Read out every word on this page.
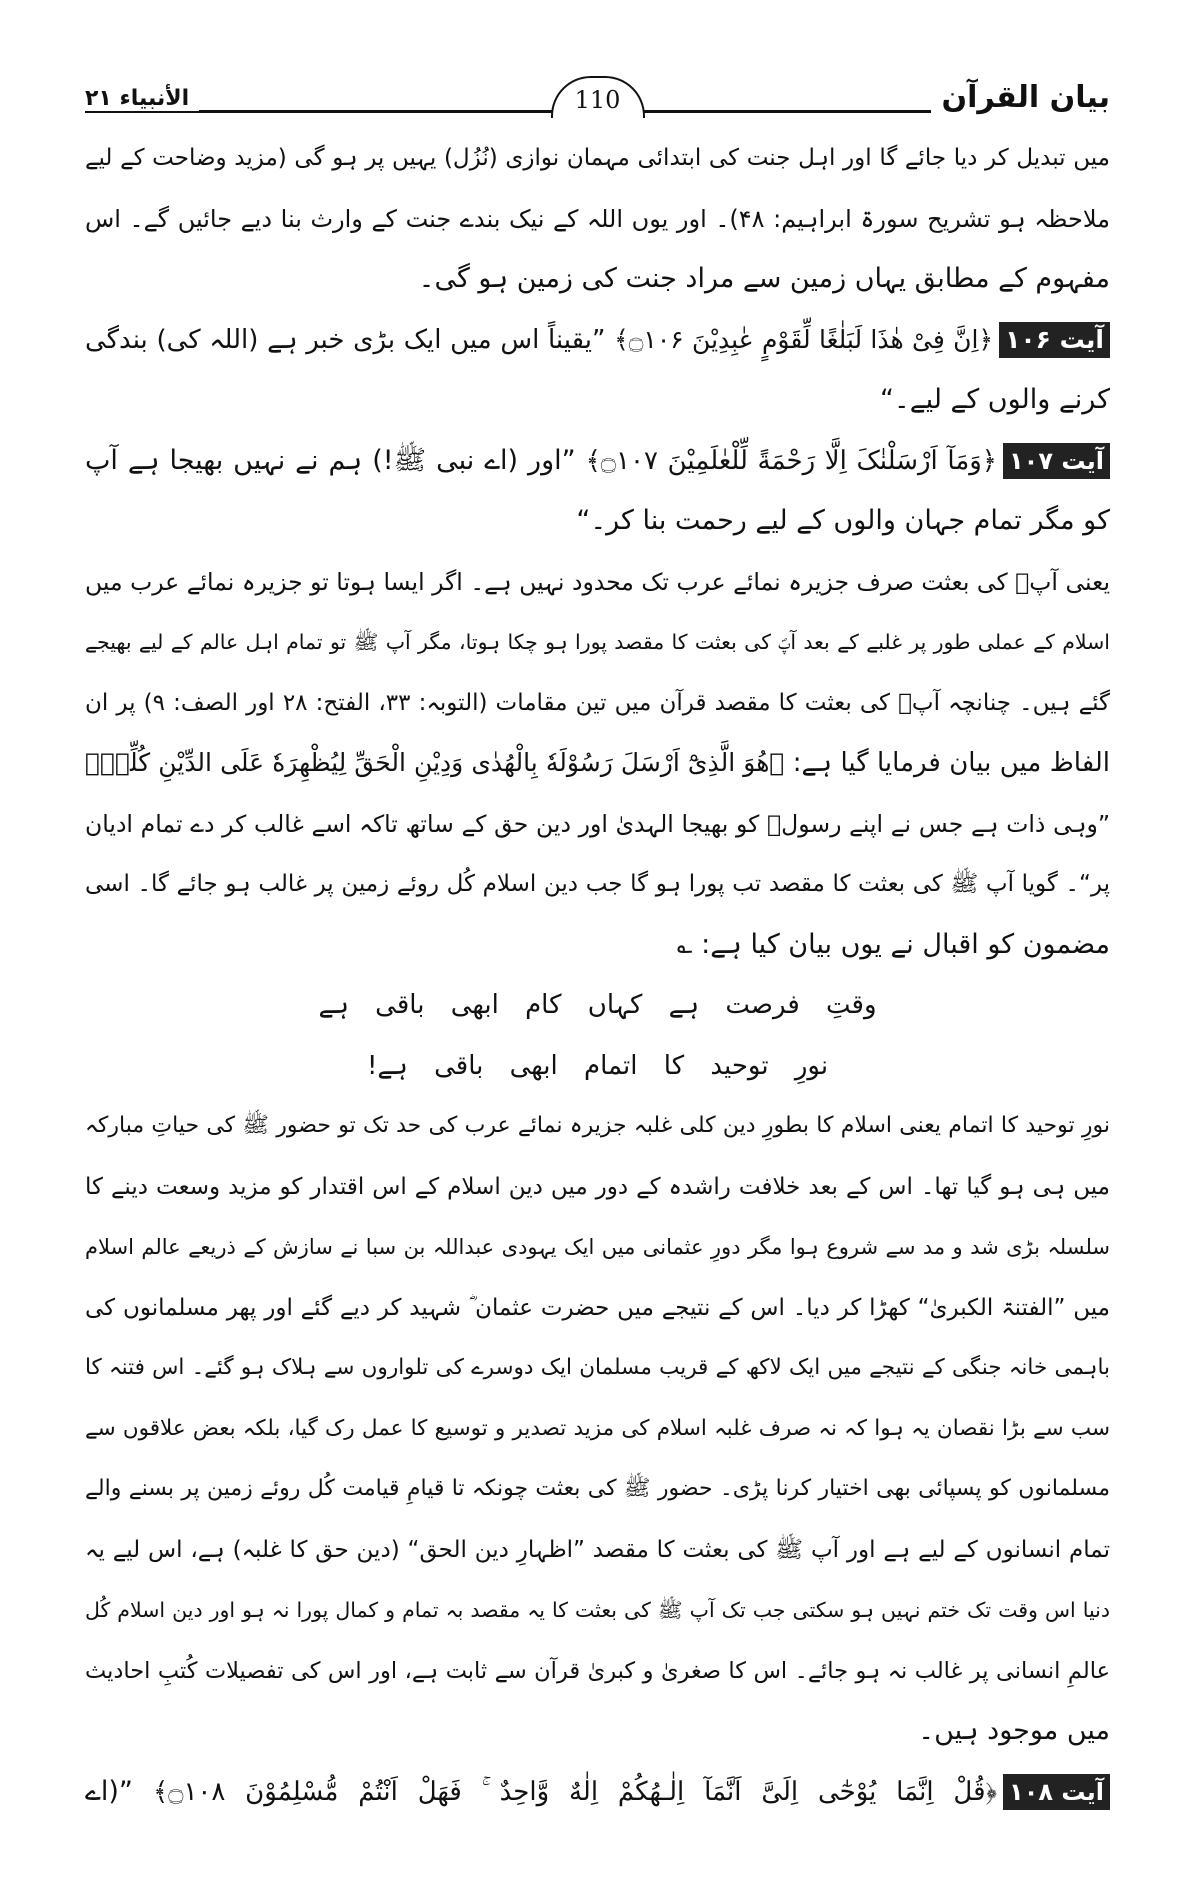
بیان القرآن
110
الأنبیاء ۲۱
میں تبدیل کر دیا جائے گا اور اہل جنت کی ابتدائی مہمان نوازی (نُزُل) یہیں پر ہو گی (مزید وضاحت کے لیے
ملاحظہ ہو تشریح سورۃ ابراہیم: ۴۸)۔ اور یوں اللہ کے نیک بندے جنت کے وارث بنا دیے جائیں گے۔ اس
مفہوم کے مطابق یہاں زمین سے مراد جنت کی زمین ہو گی۔
آیت ۱۰۶﴿اِنَّ فِیْ ھٰذَا لَبَلٰغًا لِّقَوْمٍ عٰبِدِیْنَ ۝۱۰۶﴾ ”یقیناً اس میں ایک بڑی خبر ہے (اللہ کی) بندگی
کرنے والوں کے لیے۔“
آیت ۱۰۷﴿وَمَآ اَرْسَلْنٰکَ اِلَّا رَحْمَةً لِّلْعٰلَمِیْنَ ۝۱۰۷﴾ ”اور (اے نبی ﷺ!) ہم نے نہیں بھیجا ہے آپ
کو مگر تمام جہان والوں کے لیے رحمت بنا کر۔“
یعنی آپؐ کی بعثت صرف جزیرہ نمائے عرب تک محدود نہیں ہے۔ اگر ایسا ہوتا تو جزیرہ نمائے عرب میں
اسلام کے عملی طور پر غلبے کے بعد آپؐ کی بعثت کا مقصد پورا ہو چکا ہوتا، مگر آپ ﷺ تو تمام اہل عالم کے لیے بھیجے
گئے ہیں۔ چنانچہ آپؐ کی بعثت کا مقصد قرآن میں تین مقامات (التوبہ: ۳۳، الفتح: ۲۸ اور الصف: ۹) پر ان
الفاظ میں بیان فرمایا گیا ہے: ﴿ھُوَ الَّذِیْٓ اَرْسَلَ رَسُوْلَهٗ بِالْهُدٰى وَدِیْنِ الْحَقِّ لِیُظْهِرَهٗ عَلَى الدِّیْنِ كُلِّهٖ﴾
”وہی ذات ہے جس نے اپنے رسولؐ کو بھیجا الہدیٰ اور دین حق کے ساتھ تاکہ اسے غالب کر دے تمام ادیان
پر“۔ گویا آپ ﷺ کی بعثت کا مقصد تب پورا ہو گا جب دین اسلام کُل روئے زمین پر غالب ہو جائے گا۔ اسی
مضمون کو اقبال نے یوں بیان کیا ہے: ؎
وقتِ فرصت ہے کہاں کام ابھی باقی ہے
نورِ توحید کا اتمام ابھی باقی ہے!
نورِ توحید کا اتمام یعنی اسلام کا بطورِ دین کلی غلبہ جزیرہ نمائے عرب کی حد تک تو حضور ﷺ کی حیاتِ مبارکہ
میں ہی ہو گیا تھا۔ اس کے بعد خلافت راشدہ کے دور میں دین اسلام کے اس اقتدار کو مزید وسعت دینے کا
سلسلہ بڑی شد و مد سے شروع ہوا مگر دورِ عثمانی میں ایک یہودی عبداللہ بن سبا نے سازش کے ذریعے عالم اسلام
میں ”الفتنۃ الکبریٰ“ کھڑا کر دیا۔ اس کے نتیجے میں حضرت عثمان ؓ شہید کر دیے گئے اور پھر مسلمانوں کی
باہمی خانہ جنگی کے نتیجے میں ایک لاکھ کے قریب مسلمان ایک دوسرے کی تلواروں سے ہلاک ہو گئے۔ اس فتنہ کا
سب سے بڑا نقصان یہ ہوا کہ نہ صرف غلبہ اسلام کی مزید تصدیر و توسیع کا عمل رک گیا، بلکہ بعض علاقوں سے
مسلمانوں کو پسپائی بھی اختیار کرنا پڑی۔ حضور ﷺ کی بعثت چونکہ تا قیامِ قیامت کُل روئے زمین پر بسنے والے
تمام انسانوں کے لیے ہے اور آپ ﷺ کی بعثت کا مقصد ”اظہارِ دین الحق“ (دین حق کا غلبہ) ہے، اس لیے یہ
دنیا اس وقت تک ختم نہیں ہو سکتی جب تک آپ ﷺ کی بعثت کا یہ مقصد بہ تمام و کمال پورا نہ ہو اور دین اسلام کُل
عالمِ انسانی پر غالب نہ ہو جائے۔ اس کا صغریٰ و کبریٰ قرآن سے ثابت ہے، اور اس کی تفصیلات کُتبِ احادیث
میں موجود ہیں۔
آیت ۱۰۸﴿قُلْ اِنَّمَا یُوْحٰٓى اِلَیَّ اَنَّمَآ اِلٰـهُكُمْ اِلٰهٌ وَّاحِدٌ ۚ فَهَلْ اَنْتُمْ مُّسْلِمُوْنَ ۝۱۰۸﴾ ”(اے
